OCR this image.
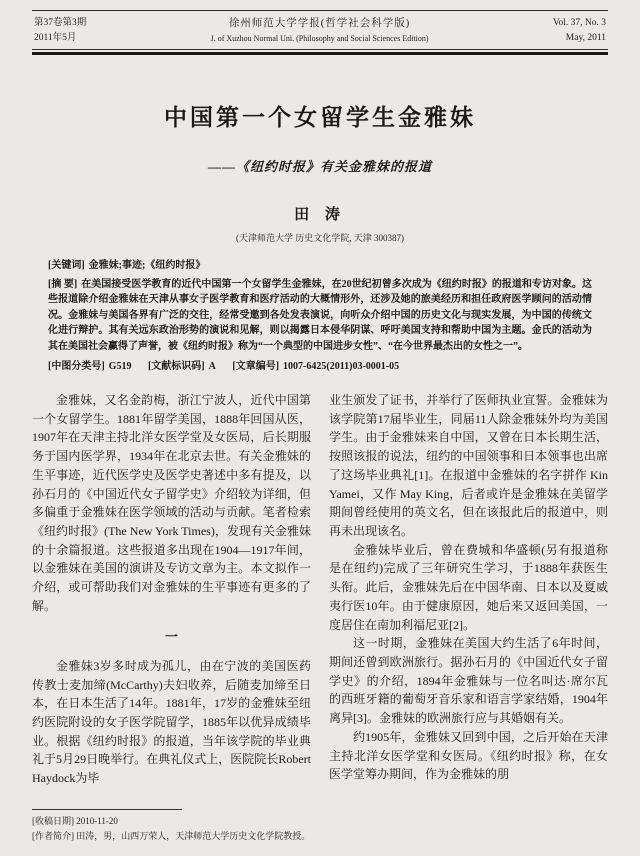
第37卷第3期
2011年5月
徐州师范大学学报(哲学社会科学版)
J. of Xuzhou Normal Uni. (Philosophy and Social Sciences Edition)
Vol. 37, No. 3
May, 2011
中国第一个女留学生金雅妹
——《纽约时报》有关金雅妹的报道
田 涛
(天津师范大学 历史文化学院, 天津 300387)

[关键词] 金雅妹;事迹;《纽约时报》

[摘 要] 在美国接受医学教育的近代中国第一个女留学生金雅妹，在20世纪初曾多次成为《纽约时报》的报道和专访对象。这些报道除介绍金雅妹在天津从事女子医学教育和医疗活动的大概情形外，还涉及她的旅美经历和担任政府医学顾问的活动情况。金雅妹与美国各界有广泛的交往，经常受邀到各处发表演说，向听众介绍中国的历史文化与现实发展，为中国的传统文化进行辩护。其有关远东政治形势的演说和见解，则以揭露日本侵华阴谋、呼吁美国支持和帮助中国为主题。金氏的活动为其在美国社会赢得了声誉，被《纽约时报》称为“一个典型的中国进步女性”、“在今世界最杰出的女性之一”。

[中图分类号] G519 [文献标识码] A [文章编号] 1007-6425(2011)03-0001-05

金雅妹，又名金韵梅，浙江宁波人，近代中国第一个女留学生。1881年留学美国，1888年回国从医，1907年在天津主持北洋女医学堂及女医局，后长期服务于国内医学界，1934年在北京去世。有关金雅妹的生平事迹，近代医学史及医学史著述中多有提及，以孙石月的《中国近代女子留学史》介绍较为详细，但多偏重于金雅妹在医学领域的活动与贡献。笔者检索《纽约时报》(The New York Times)，发现有关金雅妹的十余篇报道。这些报道多出现在1904—1917年间，以金雅妹在美国的演讲及专访文章为主。本文拟作一介绍，或可帮助我们对金雅妹的生平事迹有更多的了解。

一

金雅妹3岁多时成为孤儿，由在宁波的美国医药传教士麦加缔(McCarthy)夫妇收养，后随麦加缔至日本，在日本生活了14年。1881年，17岁的金雅妹至纽约医院附设的女子医学院留学，1885年以优异成绩毕业。根据《纽约时报》的报道，当年该学院的毕业典礼于5月29日晚举行。在典礼仪式上，医院院长Robert Haydock为毕

业生颁发了证书，并举行了医师执业宣誓。金雅妹为该学院第17届毕业生，同届11人除金雅妹外均为美国学生。由于金雅妹来自中国，又曾在日本长期生活，按照该报的说法，纽约的中国领事和日本领事也出席了这场毕业典礼[1]。在报道中金雅妹的名字拼作 Kin Yamei，又作 May King，后者或许是金雅妹在美留学期间曾经使用的英文名，但在该报此后的报道中，则再未出现该名。

金雅妹毕业后，曾在费城和华盛顿(另有报道称是在纽约)完成了三年研究生学习，于1888年获医生头衔。此后，金雅妹先后在中国华南、日本以及夏威夷行医10年。由于健康原因，她后来又返回美国，一度居住在南加利福尼亚[2]。

这一时期，金雅妹在美国大约生活了6年时间，期间还曾到欧洲旅行。据孙石月的《中国近代女子留学史》的介绍，1894年金雅妹与一位名叫达·席尔瓦的西班牙籍的葡萄牙音乐家和语言学家结婚，1904年离异[3]。金雅妹的欧洲旅行应与其婚姻有关。

约1905年，金雅妹又回到中国，之后开始在天津主持北洋女医学堂和女医局。《纽约时报》称，在女医学堂筹办期间，作为金雅妹的朋

[收稿日期] 2010-11-20
[作者简介] 田涛，男，山西万荣人，天津师范大学历史文化学院教授。
